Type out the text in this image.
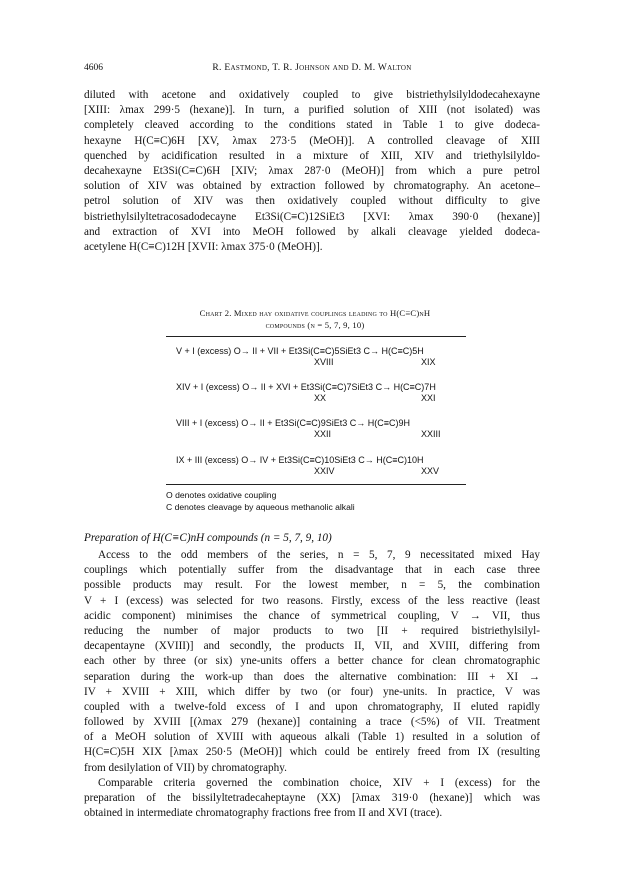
4606	R. Eastmond, T. R. Johnson and D. M. Walton
diluted with acetone and oxidatively coupled to give bistriethylsilyldodecahexayne
[XIII: λmax 299·5 (hexane)]. In turn, a purified solution of XIII (not isolated) was
completely cleaved according to the conditions stated in Table 1 to give dodeca-
hexayne H(C≡C)6H [XV, λmax 273·5 (MeOH)]. A controlled cleavage of XIII
quenched by acidification resulted in a mixture of XIII, XIV and triethylsilyldo-
decahexayne Et3Si(C≡C)6H [XIV; λmax 287·0 (MeOH)] from which a pure petrol
solution of XIV was obtained by extraction followed by chromatography. An acetone–
petrol solution of XIV was then oxidatively coupled without difficulty to give
bistriethylsilyltetracosadodecayne Et3Si(C≡C)12SiEt3 [XVI: λmax 390·0 (hexane)]
and extraction of XVI into MeOH followed by alkali cleavage yielded dodeca-
acetylene H(C≡C)12H [XVII: λmax 375·0 (MeOH)].
Chart 2. Mixed hay oxidative couplings leading to H(C≡C)nH
compounds (n = 5, 7, 9, 10)
V + I (excess) O→ II + VII + Et3Si(C≡C)5SiEt3 C→ H(C≡C)5H
XVIII	XIX
XIV + I (excess) O→ II + XVI + Et3Si(C≡C)7SiEt3 C→ H(C≡C)7H
XX	XXI
VIII + I (excess) O→ II + Et3Si(C≡C)9SiEt3 C→ H(C≡C)9H
XXII	XXIII
IX + III (excess) O→ IV + Et3Si(C≡C)10SiEt3 C→ H(C≡C)10H
XXIV	XXV
O denotes oxidative coupling
C denotes cleavage by aqueous methanolic alkali
Preparation of H(C≡C)nH compounds (n = 5, 7, 9, 10)
Access to the odd members of the series, n = 5, 7, 9 necessitated mixed Hay
couplings which potentially suffer from the disadvantage that in each case three
possible products may result. For the lowest member, n = 5, the combination
V + I (excess) was selected for two reasons. Firstly, excess of the less reactive (least
acidic component) minimises the chance of symmetrical coupling, V → VII, thus
reducing the number of major products to two [II + required bistriethylsilyl-
decapentayne (XVIII)] and secondly, the products II, VII, and XVIII, differing from
each other by three (or six) yne-units offers a better chance for clean chromatographic
separation during the work-up than does the alternative combination: III + XI →
IV + XVIII + XIII, which differ by two (or four) yne-units. In practice, V was
coupled with a twelve-fold excess of I and upon chromatography, II eluted rapidly
followed by XVIII [(λmax 279 (hexane)] containing a trace (<5%) of VII. Treatment
of a MeOH solution of XVIII with aqueous alkali (Table 1) resulted in a solution of
H(C≡C)5H XIX [λmax 250·5 (MeOH)] which could be entirely freed from IX (resulting
from desilylation of VII) by chromatography.
Comparable criteria governed the combination choice, XIV + I (excess) for the
preparation of the bissilyltetradecaheptayne (XX) [λmax 319·0 (hexane)] which was
obtained in intermediate chromatography fractions free from II and XVI (trace).
